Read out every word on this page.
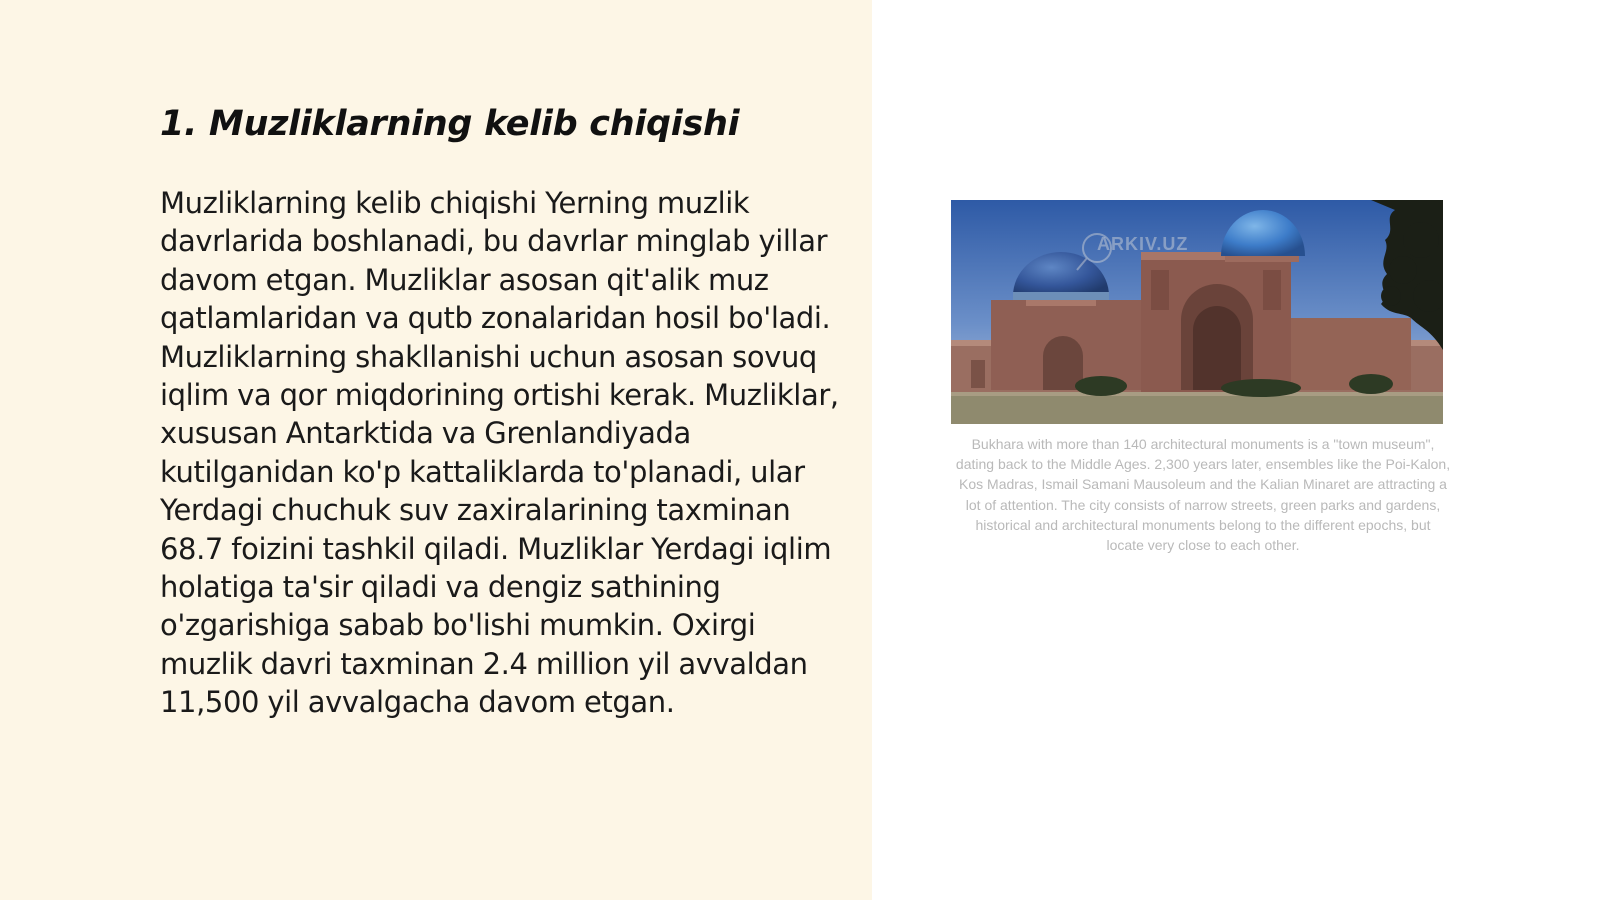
1. Muzliklarning kelib chiqishi

Muzliklarning kelib chiqishi Yerning muzlik davrlarida boshlanadi, bu davrlar minglab yillar davom etgan. Muzliklar asosan qit'alik muz qatlamlaridan va qutb zonalaridan hosil bo'ladi. Muzliklarning shakllanishi uchun asosan sovuq iqlim va qor miqdorining ortishi kerak. Muzliklar, xususan Antarktida va Grenlandiyada kutilganidan ko'p kattaliklarda to'planadi, ular Yerdagi chuchuk suv zaxiralarining taxminan 68.7 foizini tashkil qiladi. Muzliklar Yerdagi iqlim holatiga ta'sir qiladi va dengiz sathining o'zgarishiga sabab bo'lishi mumkin. Oxirgi muzlik davri taxminan 2.4 million yil avvaldan 11,500 yil avvalgacha davom etgan.

ARKIV.UZ

Bukhara with more than 140 architectural monuments is a "town museum", dating back to the Middle Ages. 2,300 years later, ensembles like the Poi-Kalon, Kos Madras, Ismail Samani Mausoleum and the Kalian Minaret are attracting a lot of attention. The city consists of narrow streets, green parks and gardens, historical and architectural monuments belong to the different epochs, but locate very close to each other.
